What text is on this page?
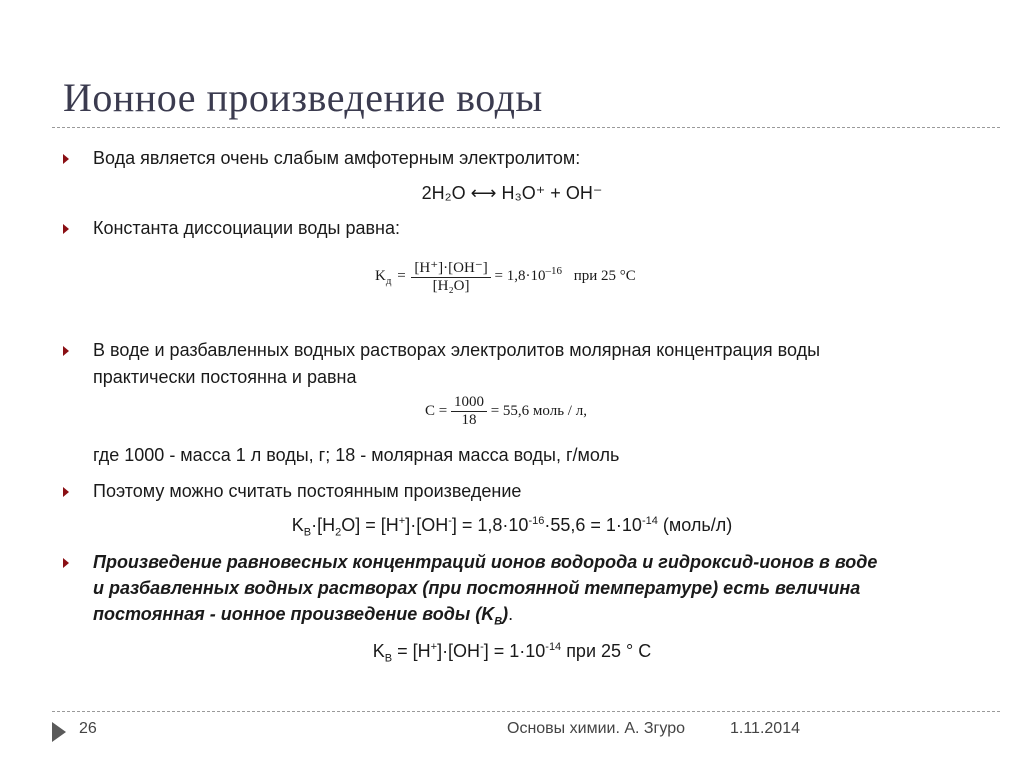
Ионное произведение воды
Вода является очень слабым амфотерным электролитом:
2H₂O ⟷ H₃O⁺ + OH⁻
Константа диссоциации воды равна:
$K_д = \frac{[H^+]\cdot[OH^-]}{\text{[H₂O]}} = 1,8\cdot 10^{-16}$ при 25 °C
В воде и разбавленных водных растворах электролитов молярная концентрация воды
практически постоянна и равна
$C = \frac{1000}{18} = 55,6$ моль / л,
где 1000 - масса 1 л воды, г; 18 - молярная масса воды, г/моль
Поэтому можно считать постоянным произведение
$K_B\cdot[H_2O] = [H^+]\cdot[OH^-] = 1,8\cdot 10^{-16}\cdot 55,6 = 1\cdot 10^{-14}$ (моль/л)
Произведение равновесных концентраций ионов водорода и гидроксид-ионов в воде
и разбавленных водных растворах (при постоянной температуре) есть величина
постоянная - ионное произведение воды $(K_B)$.
$K_B = [H^+]\cdot[OH^-] = 1\cdot 10^{-14}$ при 25 ° С
26	Основы химии. А. Згуро	1.11.2014
